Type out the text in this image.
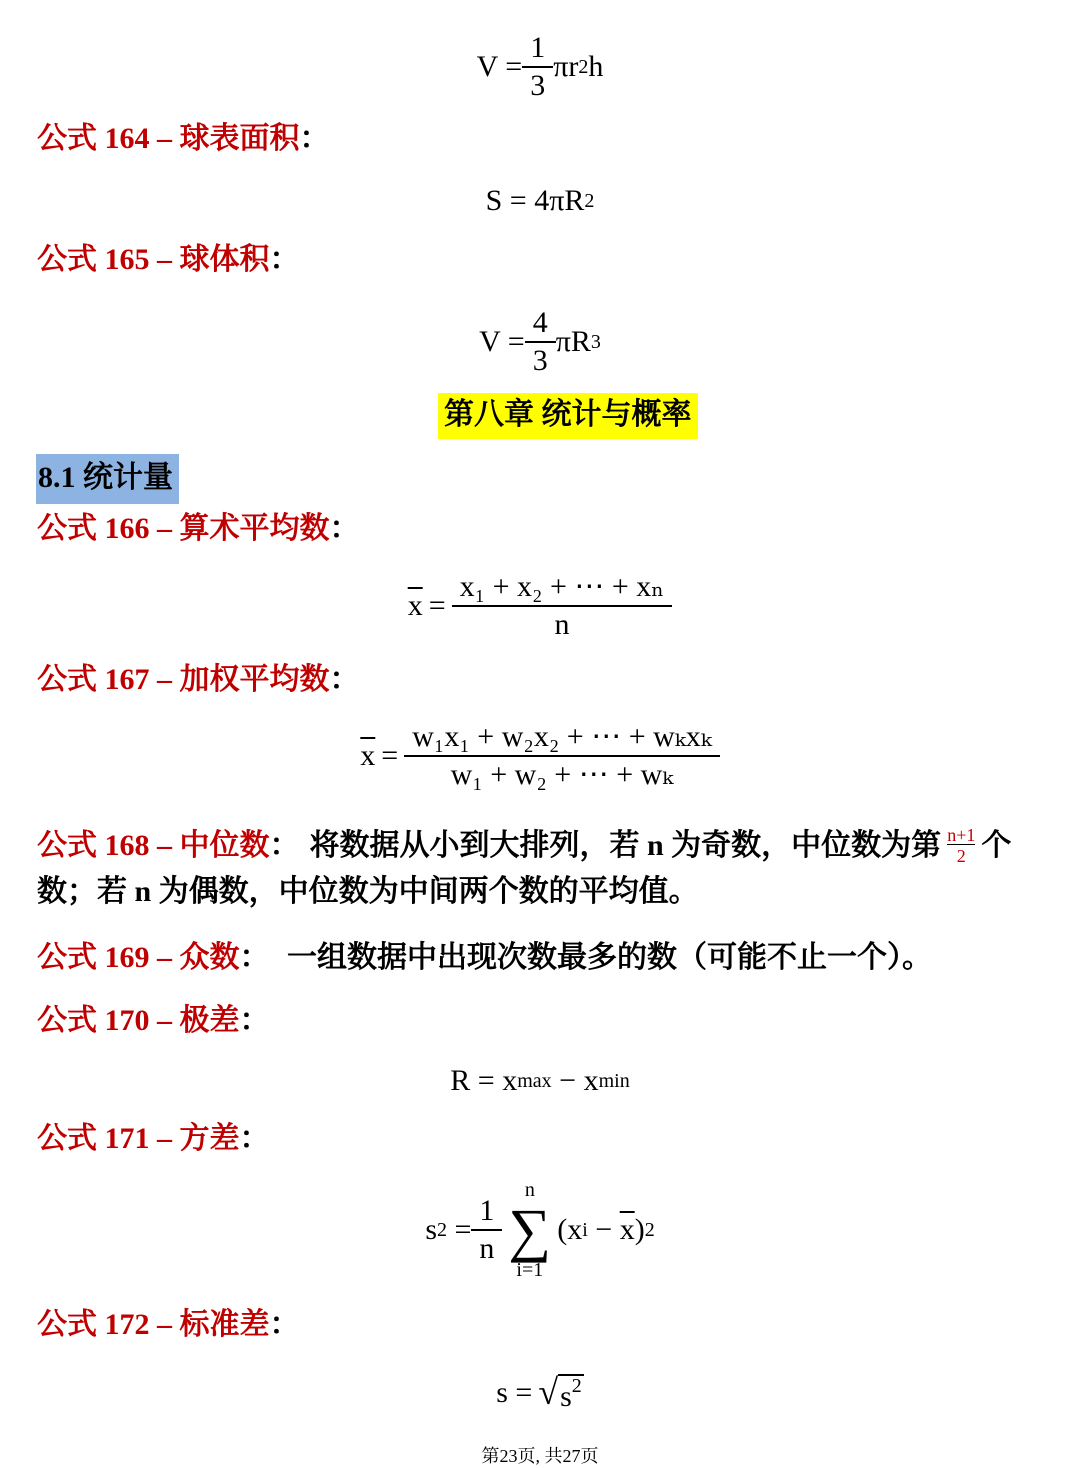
$V = \frac{1}{3}$ πr 2 h
公式 164 – 球表面积：
S = 4πR 2
公式 165 – 球体积：
$V = \frac{4}{3}$ πR 3
第八章 统计与概率
8.1 统计量
公式 166 – 算术平均数：
$\overline{x} = \frac{\text{x₁ + x₂ + ⋯ + xₙ}}{n}$
公式 167 – 加权平均数：
$\overline{x} = \frac{\text{w₁x₁ + w₂x₂ + ⋯ + wₖxₖ}}{\text{w₁ + w₂ + ⋯ + wₖ}}$
公式 168 – 中位数 ： 将数据从小到大排列，若 n 为奇数，中位数为第 $\frac{n+1}{2}$ 个
数；若 n 为偶数，中位数为中间两个数的平均值。
公式 169 – 众数： 一组数据中出现次数最多的数（可能不止一个）。
公式 170 – 极差：
R = x max − x min
公式 171 – 方差：
s $2 = \frac{1}{n}$
n
∑
i=1
(x $i - \overline{x}$ ) 2
公式 172 – 标准差：
s = √ $s^2$
第23页, 共27页
